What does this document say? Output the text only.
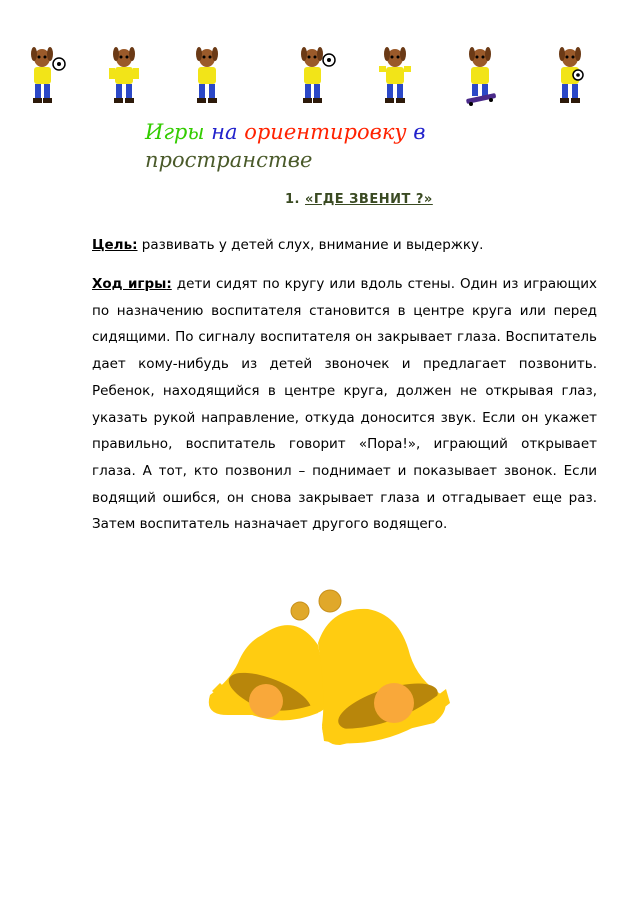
Игры на ориентировку в пространстве
1. «ГДЕ ЗВЕНИТ ?»
Цель: развивать у детей слух, внимание и выдержку.
Ход игры: дети сидят по кругу или вдоль стены. Один из играющих по назначению воспитателя становится в центре круга или перед сидящими. По сигналу воспитателя он закрывает глаза. Воспитатель дает кому-нибудь из детей звоночек и предлагает позвонить. Ребенок, находящийся в центре круга, должен не открывая глаз, указать рукой направление, откуда доносится звук. Если он укажет правильно, воспитатель говорит «Пора!», играющий открывает глаза. А тот, кто позвонил – поднимает и показывает звонок. Если водящий ошибся, он снова закрывает глаза и отгадывает еще раз. Затем воспитатель назначает другого водящего.
